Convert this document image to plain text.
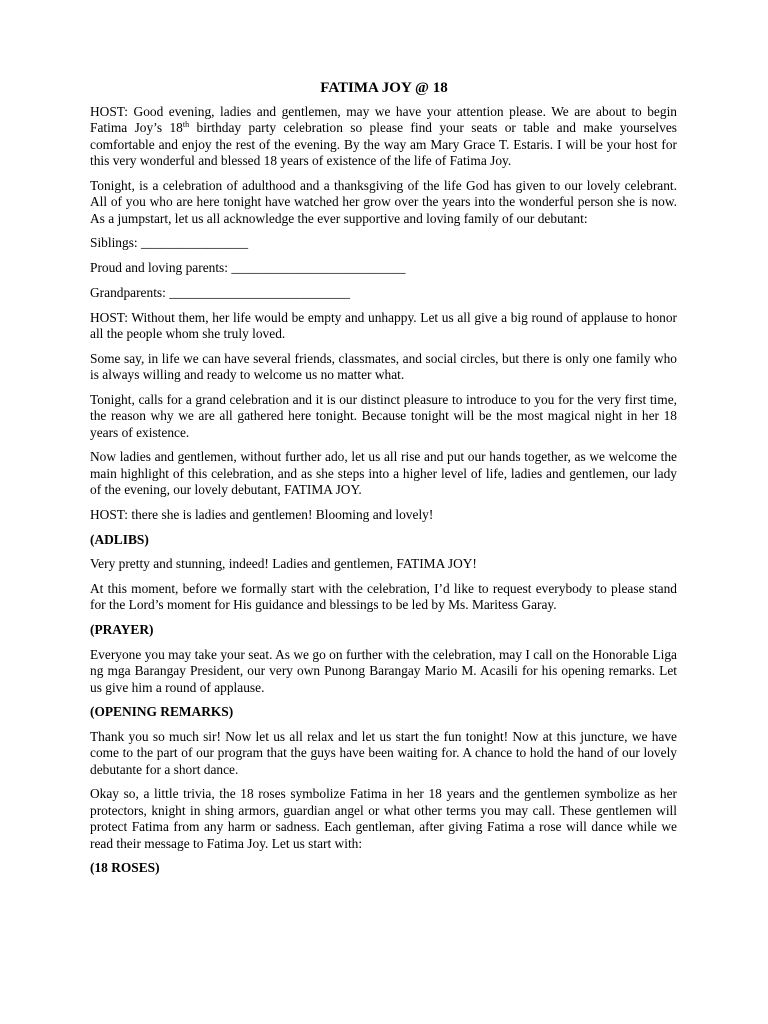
FATIMA JOY @ 18

HOST: Good evening, ladies and gentlemen, may we have your attention please. We are about to begin Fatima Joy’s 18th birthday party celebration so please find your seats or table and make yourselves comfortable and enjoy the rest of the evening. By the way am Mary Grace T. Estaris. I will be your host for this very wonderful and blessed 18 years of existence of the life of Fatima Joy.

Tonight, is a celebration of adulthood and a thanksgiving of the life God has given to our lovely celebrant. All of you who are here tonight have watched her grow over the years into the wonderful person she is now. As a jumpstart, let us all acknowledge the ever supportive and loving family of our debutant:

Siblings: ________________

Proud and loving parents: __________________________

Grandparents: ___________________________

HOST: Without them, her life would be empty and unhappy. Let us all give a big round of applause to honor all the people whom she truly loved.

Some say, in life we can have several friends, classmates, and social circles, but there is only one family who is always willing and ready to welcome us no matter what.

Tonight, calls for a grand celebration and it is our distinct pleasure to introduce to you for the very first time, the reason why we are all gathered here tonight. Because tonight will be the most magical night in her 18 years of existence.

Now ladies and gentlemen, without further ado, let us all rise and put our hands together, as we welcome the main highlight of this celebration, and as she steps into a higher level of life, ladies and gentlemen, our lady of the evening, our lovely debutant, FATIMA JOY.

HOST: there she is ladies and gentlemen! Blooming and lovely!

(ADLIBS)

Very pretty and stunning, indeed! Ladies and gentlemen, FATIMA JOY!

At this moment, before we formally start with the celebration, I’d like to request everybody to please stand for the Lord’s moment for His guidance and blessings to be led by Ms. Maritess Garay.

(PRAYER)

Everyone you may take your seat. As we go on further with the celebration, may I call on the Honorable Liga ng mga Barangay President, our very own Punong Barangay Mario M. Acasili for his opening remarks. Let us give him a round of applause.

(OPENING REMARKS)

Thank you so much sir! Now let us all relax and let us start the fun tonight! Now at this juncture, we have come to the part of our program that the guys have been waiting for. A chance to hold the hand of our lovely debutante for a short dance.

Okay so, a little trivia, the 18 roses symbolize Fatima in her 18 years and the gentlemen symbolize as her protectors, knight in shing armors, guardian angel or what other terms you may call. These gentlemen will protect Fatima from any harm or sadness. Each gentleman, after giving Fatima a rose will dance while we read their message to Fatima Joy. Let us start with:

(18 ROSES)
